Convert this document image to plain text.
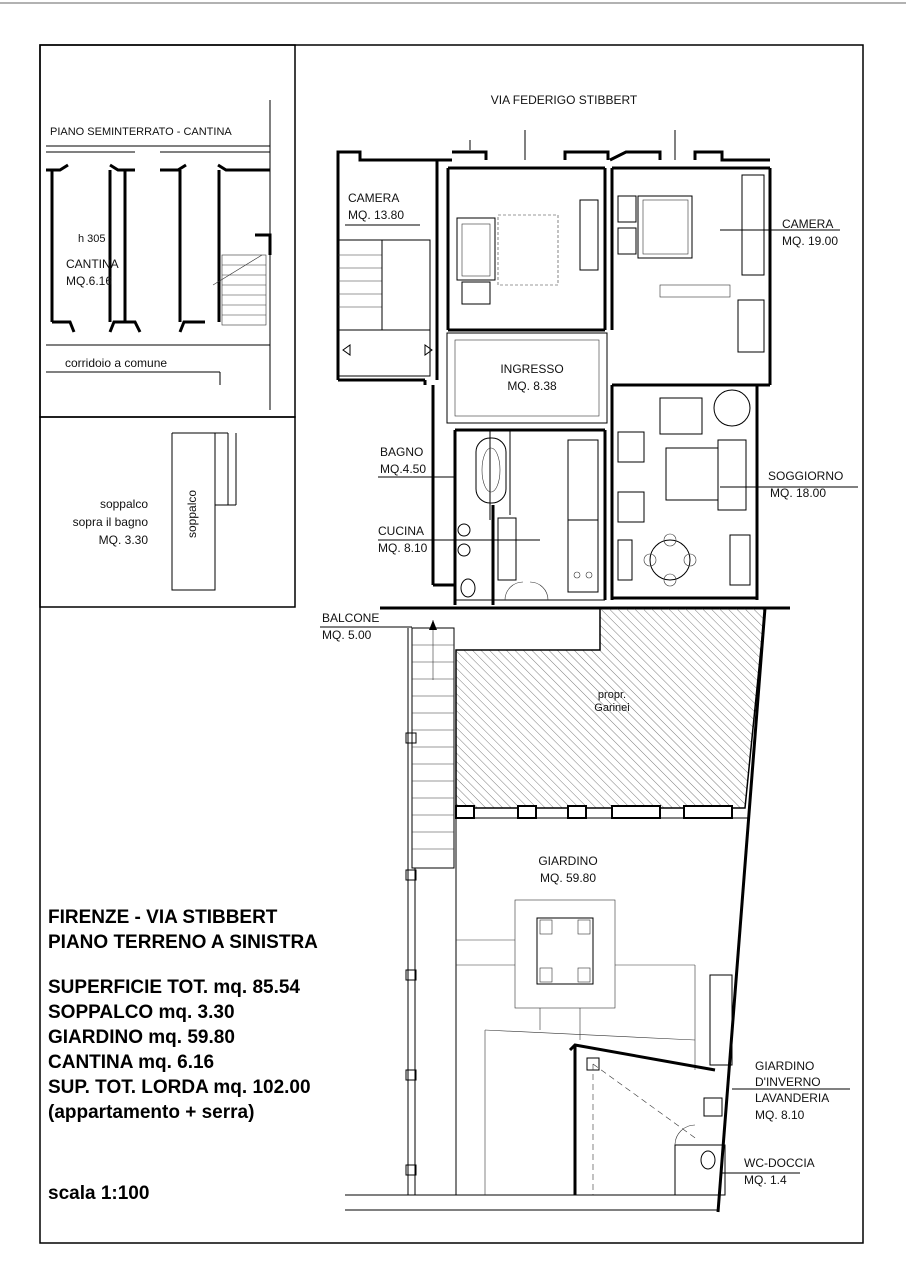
VIA FEDERIGO STIBBERT
PIANO SEMINTERRATO - CANTINA
h 305
CANTINA
MQ.6.16
corridoio a comune
soppalco
sopra il bagno
MQ. 3.30
soppalco
CAMERA
MQ. 13.80
CAMERA
MQ. 19.00
INGRESSO
MQ. 8.38
BAGNO
MQ.4.50
CUCINA
MQ. 8.10
SOGGIORNO
MQ. 18.00
BALCONE
MQ. 5.00
propr.
Garinei
GIARDINO
MQ. 59.80
GIARDINO
D'INVERNO
LAVANDERIA
MQ. 8.10
WC-DOCCIA
MQ. 1.4
FIRENZE - VIA STIBBERT
PIANO TERRENO A SINISTRA
SUPERFICIE TOT. mq. 85.54
SOPPALCO mq. 3.30
GIARDINO mq. 59.80
CANTINA mq. 6.16
SUP. TOT. LORDA mq. 102.00
(appartamento + serra)
scala 1:100
